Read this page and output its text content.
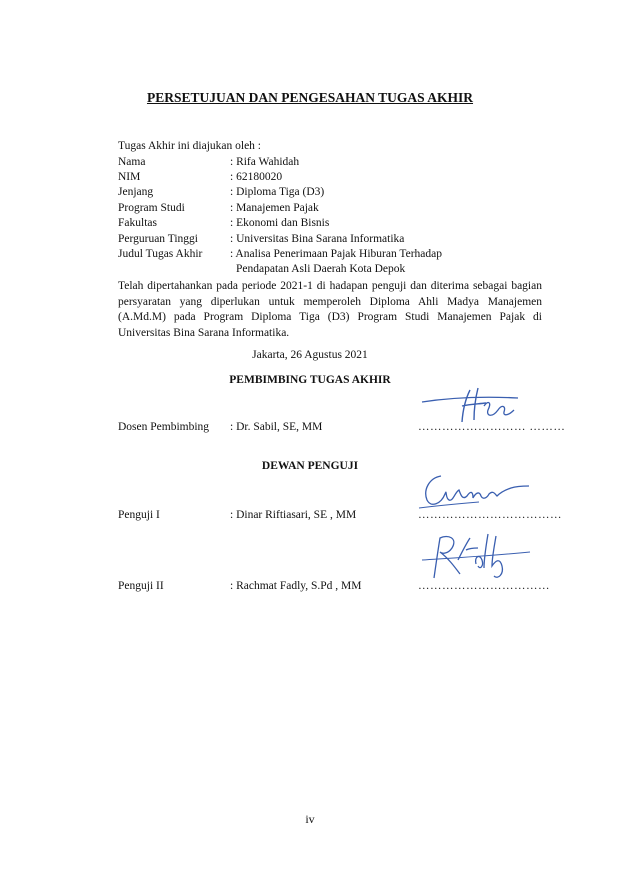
PERSETUJUAN DAN PENGESAHAN TUGAS AKHIR
Tugas Akhir ini diajukan oleh :
Nama	: Rifa Wahidah
NIM	: 62180020
Jenjang	: Diploma Tiga (D3)
Program Studi	: Manajemen Pajak
Fakultas	: Ekonomi dan Bisnis
Perguruan Tinggi	: Universitas Bina Sarana Informatika
Judul Tugas Akhir : Analisa Penerimaan Pajak Hiburan Terhadap
Pendapatan Asli Daerah Kota Depok
Telah dipertahankan pada periode 2021-1 di hadapan penguji dan diterima sebagai bagian persyaratan yang diperlukan untuk memperoleh Diploma Ahli Madya Manajemen (A.Md.M) pada Program Diploma Tiga (D3) Program Studi Manajemen Pajak di Universitas Bina Sarana Informatika.
Jakarta, 26 Agustus 2021
PEMBIMBING TUGAS AKHIR
Dosen Pembimbing : Dr. Sabil, SE, MM	……………………… ………
DEWAN PENGUJI
Penguji I	: Dinar Riftiasari, SE , MM	………………………………
Penguji II	: Rachmat Fadly, S.Pd , MM	……………………………
iv
